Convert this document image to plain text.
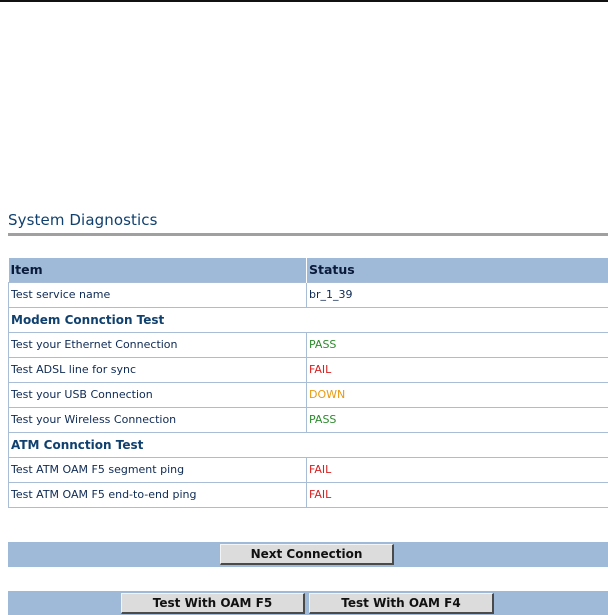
System Diagnostics
Item	Status
Test service name	br_1_39
Modem Connction Test	
Test your Ethernet Connection	PASS
Test ADSL line for sync	FAIL
Test your USB Connection	DOWN
Test your Wireless Connection	PASS
ATM Connction Test	
Test ATM OAM F5 segment ping	FAIL
Test ATM OAM F5 end-to-end ping	FAIL
Next Connection
Test With OAM F5	Test With OAM F4
